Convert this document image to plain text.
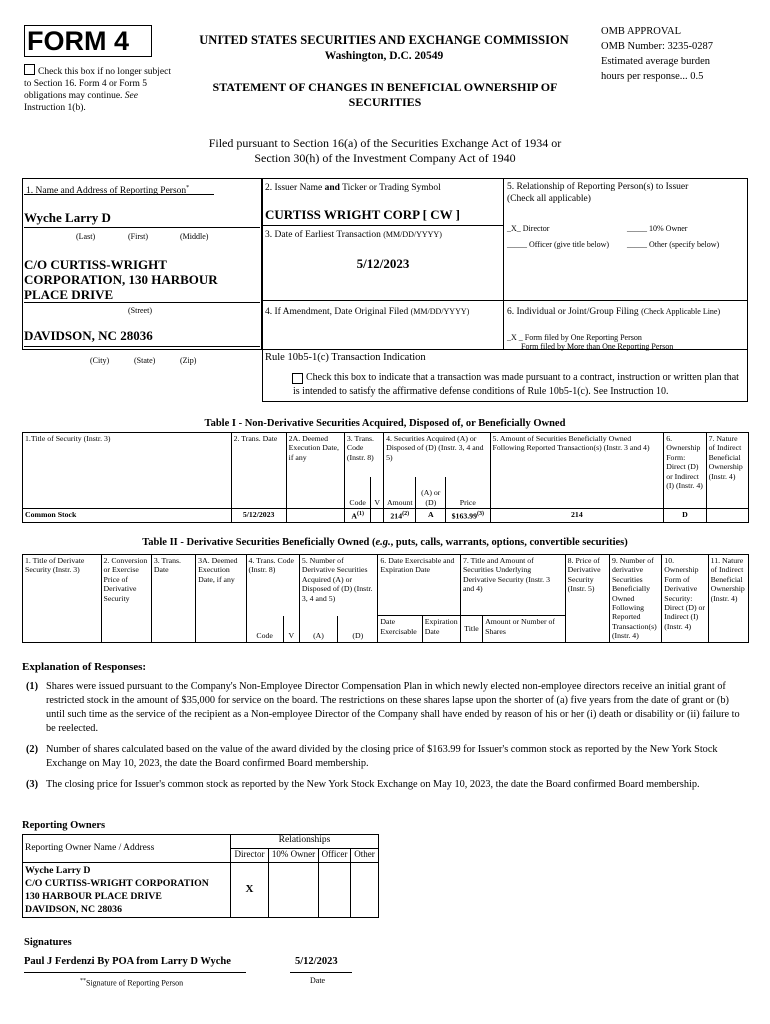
FORM 4
Check this box if no longer subject to Section 16. Form 4 or Form 5 obligations may continue. See Instruction 1(b).
UNITED STATES SECURITIES AND EXCHANGE COMMISSION
Washington, D.C. 20549
STATEMENT OF CHANGES IN BENEFICIAL OWNERSHIP OF SECURITIES
OMB APPROVAL
OMB Number: 3235-0287
Estimated average burden
hours per response... 0.5
Filed pursuant to Section 16(a) of the Securities Exchange Act of 1934 or
Section 30(h) of the Investment Company Act of 1940
1. Name and Address of Reporting Person*
Wyche Larry D
(Last)	(First)	(Middle)
C/O CURTISS-WRIGHT CORPORATION, 130 HARBOUR PLACE DRIVE
(Street)
DAVIDSON, NC 28036
(City)	(State)	(Zip)
2. Issuer Name and Ticker or Trading Symbol
CURTISS WRIGHT CORP [ CW ]
3. Date of Earliest Transaction (MM/DD/YYYY)
5/12/2023
4. If Amendment, Date Original Filed (MM/DD/YYYY)
5. Relationship of Reporting Person(s) to Issuer
(Check all applicable)
_X_ Director	_____ 10% Owner
_____ Officer (give title below) _____ Other (specify below)
6. Individual or Joint/Group Filing (Check Applicable Line)
_X _ Form filed by One Reporting Person
___ Form filed by More than One Reporting Person
Rule 10b5-1(c) Transaction Indication
Check this box to indicate that a transaction was made pursuant to a contract, instruction or written plan that is intended to satisfy the affirmative defense conditions of Rule 10b5-1(c). See Instruction 10.
Table I - Non-Derivative Securities Acquired, Disposed of, or Beneficially Owned
1.Title of Security (Instr. 3)	2. Trans. Date	2A. Deemed Execution Date, if any	3. Trans. Code (Instr. 8)		4. Securities Acquired (A) or Disposed of (D) (Instr. 3, 4 and 5)			5. Amount of Securities Beneficially Owned Following Reported Transaction(s) (Instr. 3 and 4)	6. Ownership Form: Direct (D) or Indirect (I) (Instr. 4)	7. Nature of Indirect Beneficial Ownership (Instr. 4)
			Code	V	Amount	(A) or (D)	Price			
Common Stock	5/12/2023		$A^{(1)}$		214$^{(2)}$	A	$163.99$^{(3)}$	214	D	
Table II - Derivative Securities Beneficially Owned (e.g., puts, calls, warrants, options, convertible securities)
1. Title of Derivate Security (Instr. 3)	2. Conversion or Exercise Price of Derivative Security	3. Trans. Date	3A. Deemed Execution Date, if any	4. Trans. Code (Instr. 8)		5. Number of Derivative Securities Acquired (A) or Disposed of (D) (Instr. 3, 4 and 5)		6. Date Exercisable and Expiration Date		7. Title and Amount of Securities Underlying Derivative Security (Instr. 3 and 4)		8. Price of Derivative Security (Instr. 5)	9. Number of derivative Securities Beneficially Owned Following Reported Transaction(s) (Instr. 4)	10. Ownership Form of Derivative Security: Direct (D) or Indirect (I) (Instr. 4)	11. Nature of Indirect Beneficial Ownership (Instr. 4)
				Code	V	(A)	(D)	Date Exercisable	Expiration Date	Title	Amount or Number of Shares				
Explanation of Responses:
(1) Shares were issued pursuant to the Company's Non-Employee Director Compensation Plan in which newly elected non-employee directors receive an initial grant of restricted stock in the amount of $35,000 for service on the board. The restrictions on these shares lapse upon the shorter of (a) five years from the date of grant or (b) until such time as the service of the recipient as a Non-employee Director of the Company shall have ended by reason of his or her (i) death or disability or (ii) failure to be reelected.
(2) Number of shares calculated based on the value of the award divided by the closing price of $163.99 for Issuer's common stock as reported by the New York Stock Exchange on May 10, 2023, the date the Board confirmed Board membership.
(3) The closing price for Issuer's common stock as reported by the New York Stock Exchange on May 10, 2023, the date the Board confirmed Board membership.
Reporting Owners
Reporting Owner Name / Address	Relationships			
	Director	10% Owner	Officer	Other

Wyche Larry D
C/O CURTISS-WRIGHT CORPORATION
130 HARBOUR PLACE DRIVE
DAVIDSON, NC 28036	X			
Signatures
Paul J Ferdenzi By POA from Larry D Wyche	5/12/2023
**Signature of Reporting Person	Date
